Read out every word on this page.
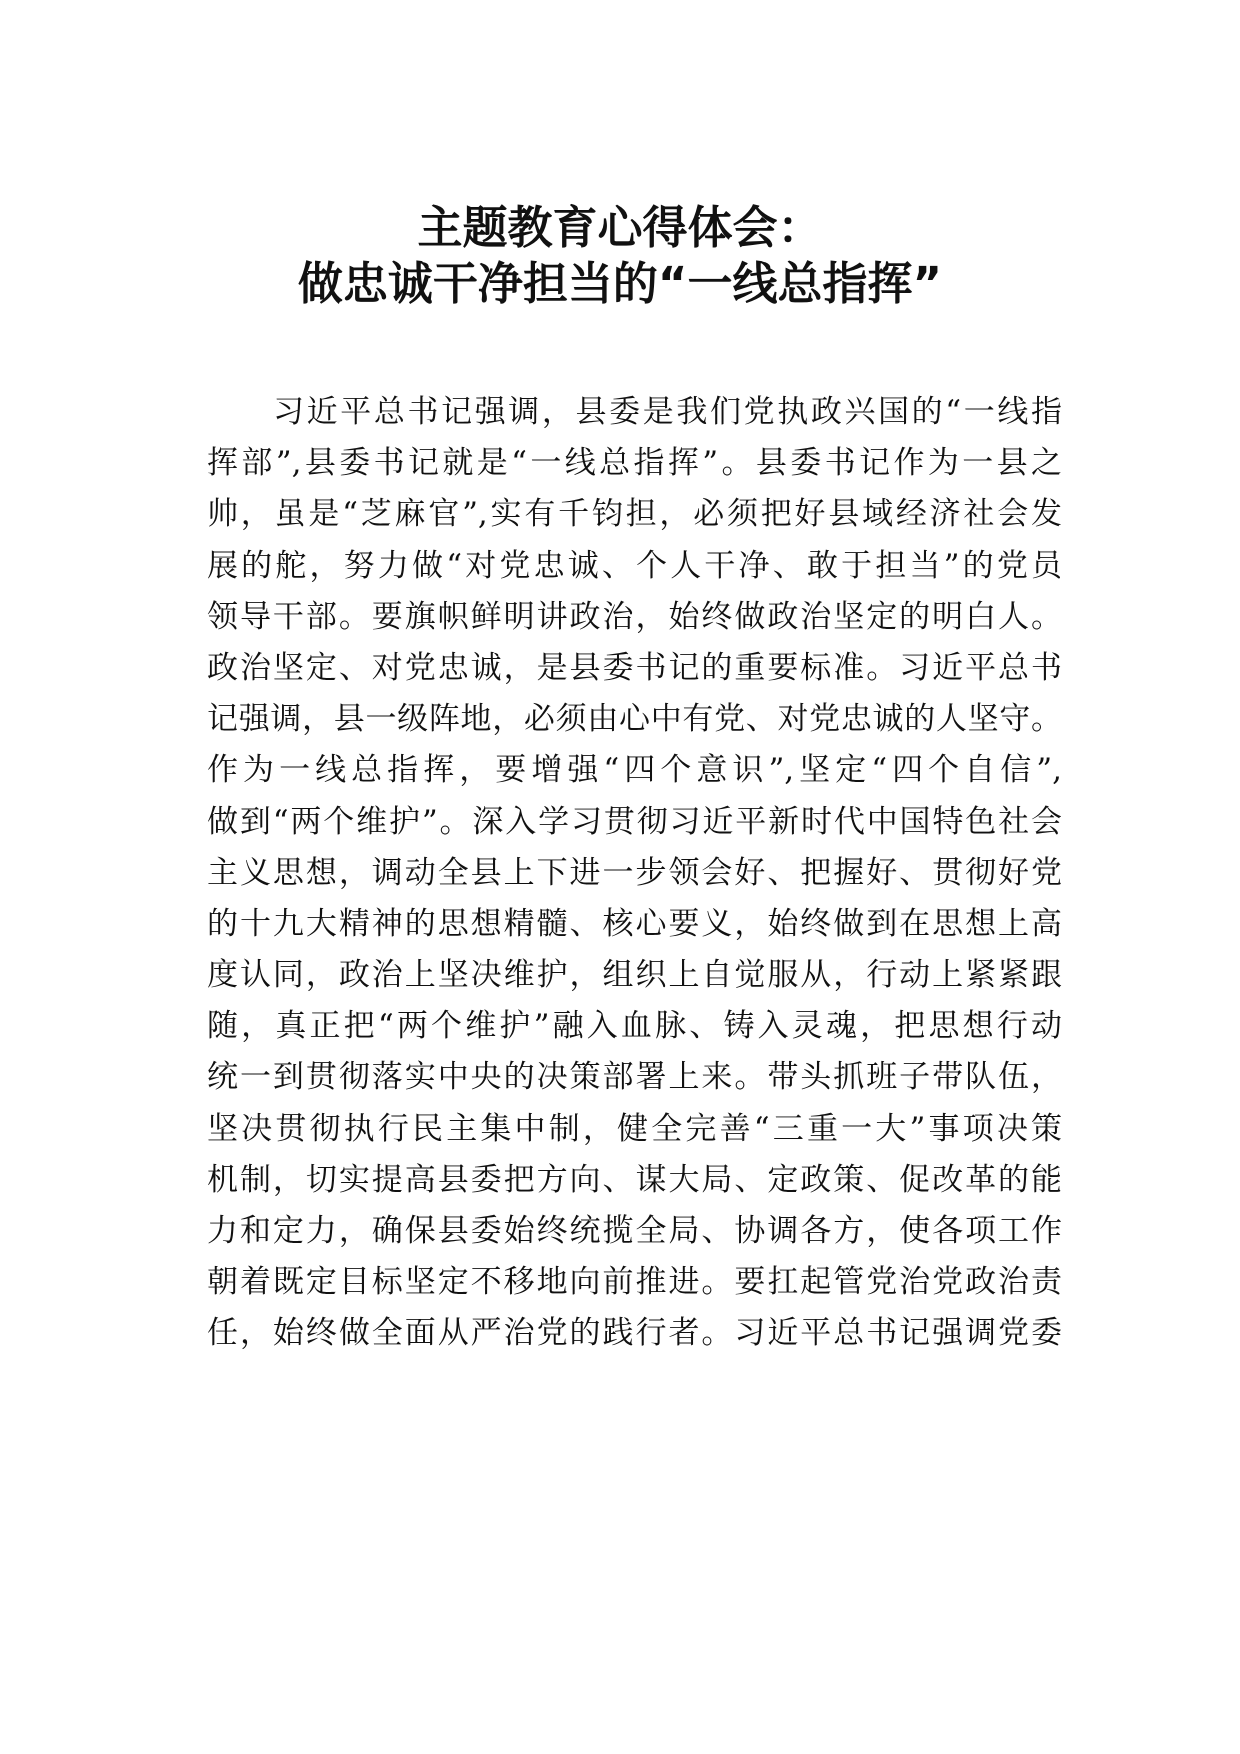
主题教育心得体会：
做忠诚干净担当的“一线总指挥”
习近平总书记强调，县委是我们党执政兴国的“一线指
挥部”,县委书记就是“一线总指挥”。县委书记作为一县之
帅，虽是“芝麻官”,实有千钧担，必须把好县域经济社会发
展的舵，努力做“对党忠诚、个人干净、敢于担当”的党员
领导干部。要旗帜鲜明讲政治，始终做政治坚定的明白人。
政治坚定、对党忠诚，是县委书记的重要标准。习近平总书
记强调，县一级阵地，必须由心中有党、对党忠诚的人坚守。
作为一线总指挥，要增强“四个意识”,坚定“四个自信”,
做到“两个维护”。深入学习贯彻习近平新时代中国特色社会
主义思想，调动全县上下进一步领会好、把握好、贯彻好党
的十九大精神的思想精髓、核心要义，始终做到在思想上高
度认同，政治上坚决维护，组织上自觉服从，行动上紧紧跟
随，真正把“两个维护”融入血脉、铸入灵魂，把思想行动
统一到贯彻落实中央的决策部署上来。带头抓班子带队伍，
坚决贯彻执行民主集中制，健全完善“三重一大”事项决策
机制，切实提高县委把方向、谋大局、定政策、促改革的能
力和定力，确保县委始终统揽全局、协调各方，使各项工作
朝着既定目标坚定不移地向前推进。要扛起管党治党政治责
任，始终做全面从严治党的践行者。习近平总书记强调党委
